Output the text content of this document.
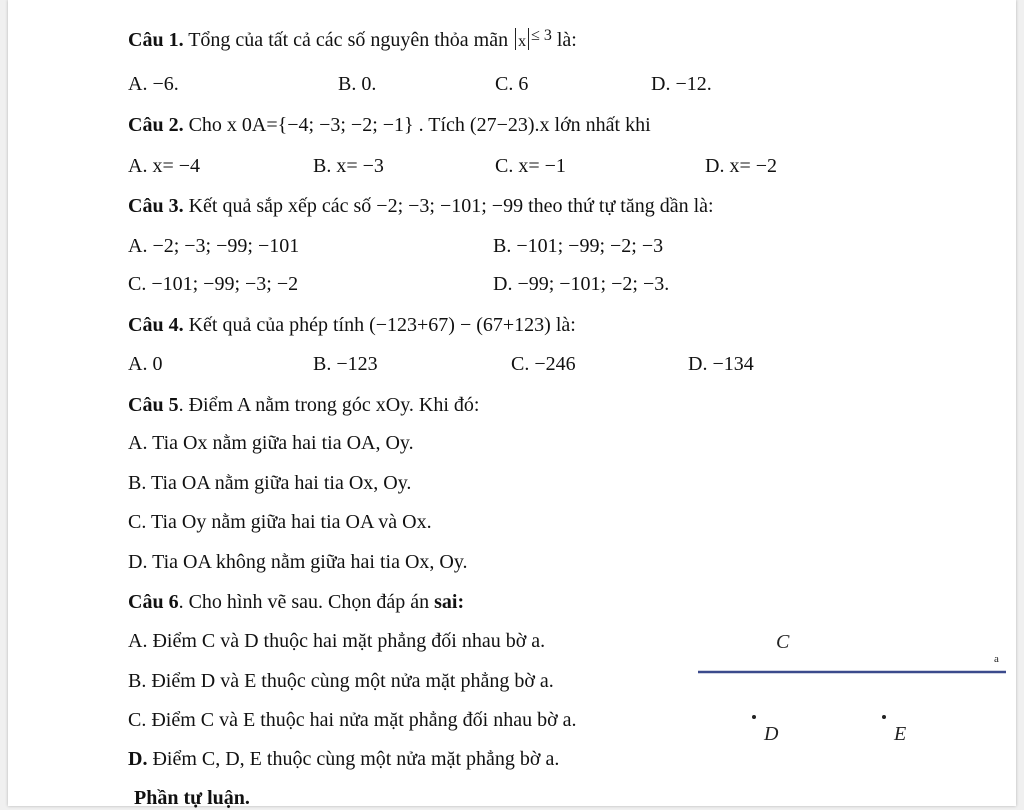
Câu 1. Tổng của tất cả các số nguyên thỏa mãn x $^{\le 3}$ là:
A. −6.	B. 0.	C. 6	D. −12.
Câu 2. Cho x 0A={−4; −3; −2; −1} . Tích (27−23).x lớn nhất khi
A. x= −4	B. x= −3	C. x= −1	D. x= −2
Câu 3. Kết quả sắp xếp các số −2; −3; −101; −99 theo thứ tự tăng dần là:
A. −2; −3; −99; −101	B. −101; −99; −2; −3
C. −101; −99; −3; −2	D. −99; −101; −2; −3.
Câu 4. Kết quả của phép tính (−123+67) − (67+123) là:
A. 0	B. −123	C. −246	D. −134
Câu 5. Điểm A nằm trong góc xOy. Khi đó:
A. Tia Ox nằm giữa hai tia OA, Oy.
B. Tia OA nằm giữa hai tia Ox, Oy.
C. Tia Oy nằm giữa hai tia OA và Ox.
D. Tia OA không nằm giữa hai tia Ox, Oy.
Câu 6. Cho hình vẽ sau. Chọn đáp án sai:
A. Điểm C và D thuộc hai mặt phẳng đối nhau bờ a.
B. Điểm D và E thuộc cùng một nửa mặt phẳng bờ a.
C. Điểm C và E thuộc hai nửa mặt phẳng đối nhau bờ a.
D. Điểm C, D, E thuộc cùng một nửa mặt phẳng bờ a.
Phần tự luận.
C
a
D	E
